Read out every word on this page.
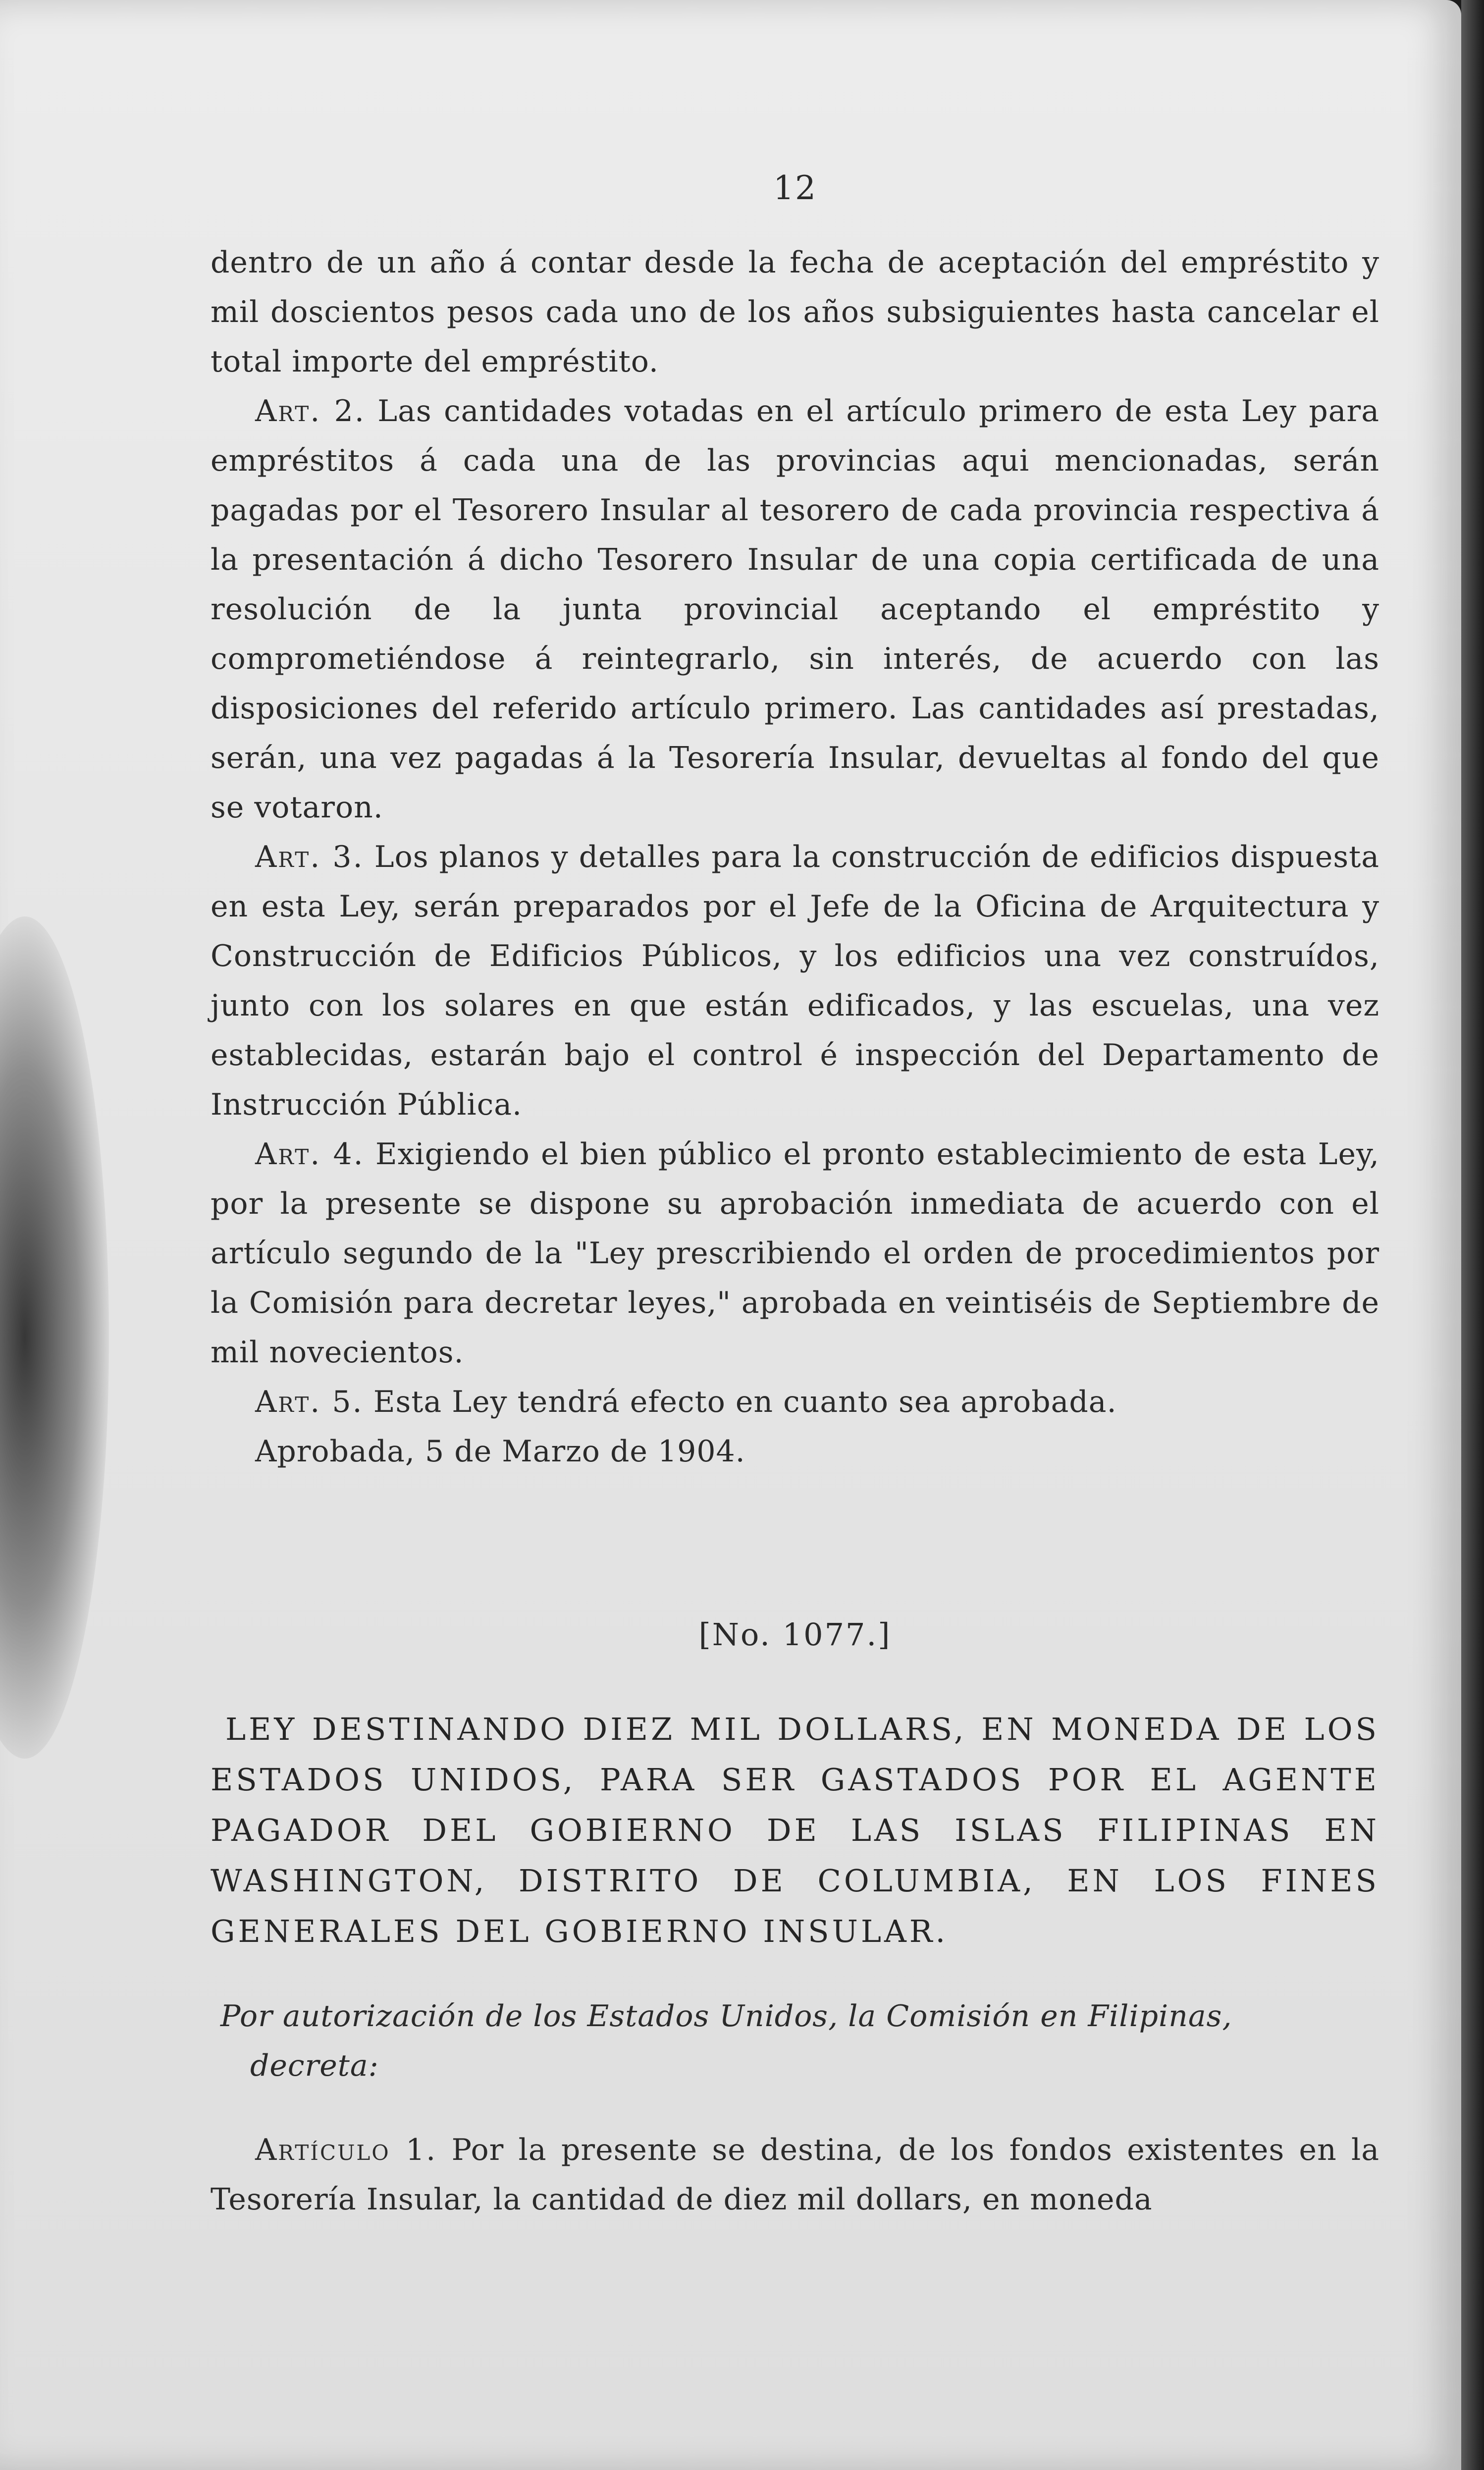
12

dentro de un año á contar desde la fecha de aceptación del empréstito y mil doscientos pesos cada uno de los años subsiguientes hasta cancelar el total importe del empréstito.

Art. 2. Las cantidades votadas en el artículo primero de esta Ley para empréstitos á cada una de las provincias aqui mencionadas, serán pagadas por el Tesorero Insular al tesorero de cada provincia respectiva á la presentación á dicho Tesorero Insular de una copia certificada de una resolución de la junta provincial aceptando el empréstito y comprometiéndose á reintegrarlo, sin interés, de acuerdo con las disposiciones del referido artículo primero. Las cantidades así prestadas, serán, una vez pagadas á la Tesorería Insular, devueltas al fondo del que se votaron.

Art. 3. Los planos y detalles para la construcción de edificios dispuesta en esta Ley, serán preparados por el Jefe de la Oficina de Arquitectura y Construcción de Edificios Públicos, y los edificios una vez construídos, junto con los solares en que están edificados, y las escuelas, una vez establecidas, estarán bajo el control é inspección del Departamento de Instrucción Pública.

Art. 4. Exigiendo el bien público el pronto establecimiento de esta Ley, por la presente se dispone su aprobación inmediata de acuerdo con el artículo segundo de la "Ley prescribiendo el orden de procedimientos por la Comisión para decretar leyes," aprobada en veintiséis de Septiembre de mil novecientos.

Art. 5. Esta Ley tendrá efecto en cuanto sea aprobada.

Aprobada, 5 de Marzo de 1904.

[No. 1077.]
LEY DESTINANDO DIEZ MIL DOLLARS, EN MONEDA DE LOS ESTADOS UNIDOS, PARA SER GASTADOS POR EL AGENTE PAGADOR DEL GOBIERNO DE LAS ISLAS FILIPINAS EN WASHINGTON, DISTRITO DE COLUMBIA, EN LOS FINES GENERALES DEL GOBIERNO INSULAR.

Por autorización de los Estados Unidos, la Comisión en Filipinas,
decreta:

Artículo 1. Por la presente se destina, de los fondos existentes en la Tesorería Insular, la cantidad de diez mil dollars, en moneda
